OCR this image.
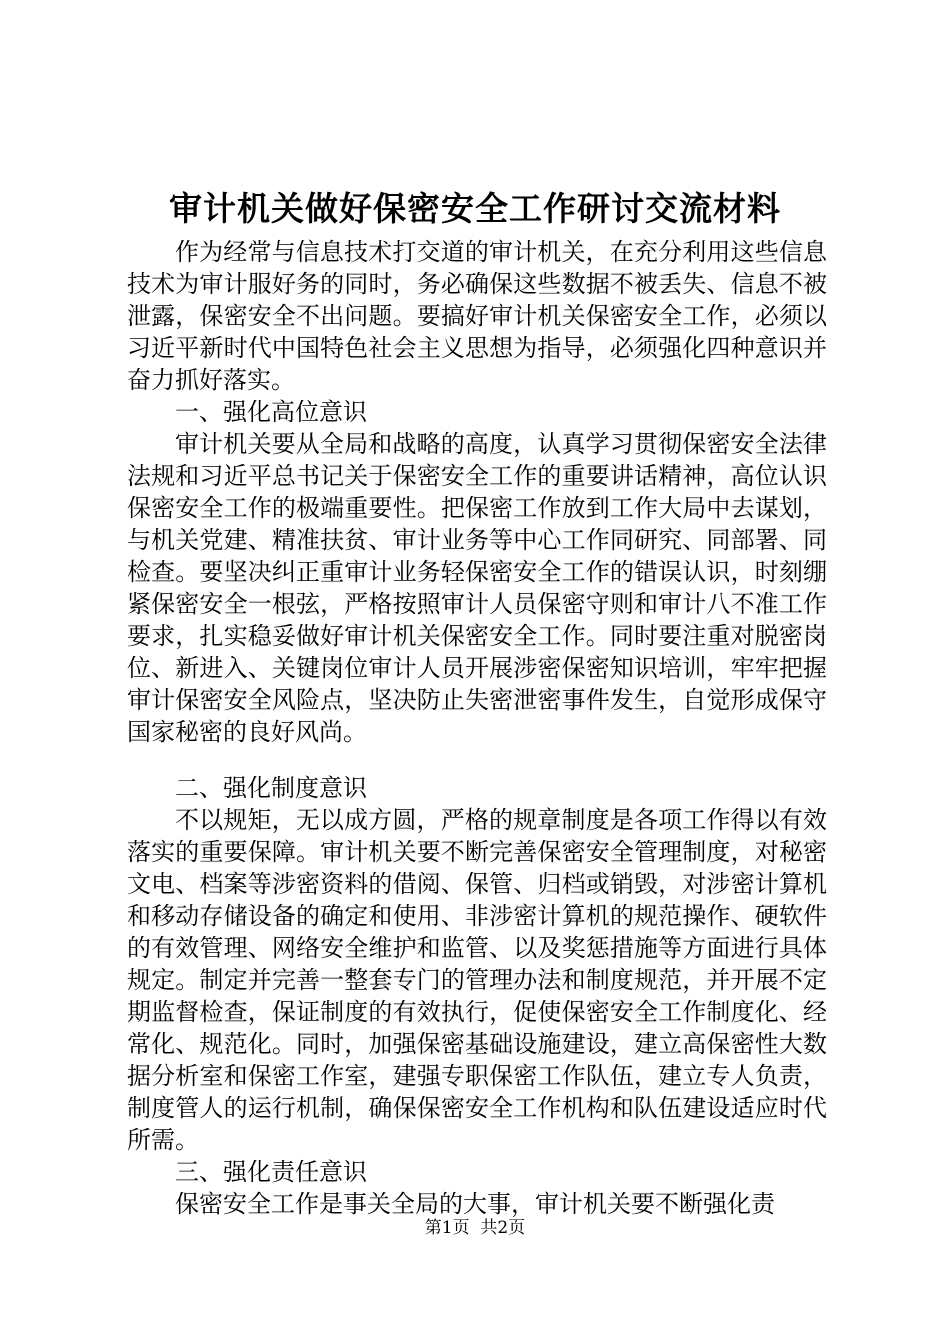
审计机关做好保密安全工作研讨交流材料

作为经常与信息技术打交道的审计机关，在充分利用这些信息技术为审计服好务的同时，务必确保这些数据不被丢失、信息不被泄露，保密安全不出问题。要搞好审计机关保密安全工作，必须以习近平新时代中国特色社会主义思想为指导，必须强化四种意识并奋力抓好落实。

一、强化高位意识

审计机关要从全局和战略的高度，认真学习贯彻保密安全法律法规和习近平总书记关于保密安全工作的重要讲话精神，高位认识保密安全工作的极端重要性。把保密工作放到工作大局中去谋划，与机关党建、精准扶贫、审计业务等中心工作同研究、同部署、同检查。要坚决纠正重审计业务轻保密安全工作的错误认识，时刻绷紧保密安全一根弦，严格按照审计人员保密守则和审计八不准工作要求，扎实稳妥做好审计机关保密安全工作。同时要注重对脱密岗位、新进入、关键岗位审计人员开展涉密保密知识培训，牢牢把握审计保密安全风险点，坚决防止失密泄密事件发生，自觉形成保守国家秘密的良好风尚。

二、强化制度意识

不以规矩，无以成方圆，严格的规章制度是各项工作得以有效落实的重要保障。审计机关要不断完善保密安全管理制度，对秘密文电、档案等涉密资料的借阅、保管、归档或销毁，对涉密计算机和移动存储设备的确定和使用、非涉密计算机的规范操作、硬软件的有效管理、网络安全维护和监管、以及奖惩措施等方面进行具体规定。制定并完善一整套专门的管理办法和制度规范，并开展不定期监督检查，保证制度的有效执行，促使保密安全工作制度化、经常化、规范化。同时，加强保密基础设施建设，建立高保密性大数据分析室和保密工作室，建强专职保密工作队伍，建立专人负责，制度管人的运行机制，确保保密安全工作机构和队伍建设适应时代所需。

三、强化责任意识

保密安全工作是事关全局的大事，审计机关要不断强化责

第1页  共2页
